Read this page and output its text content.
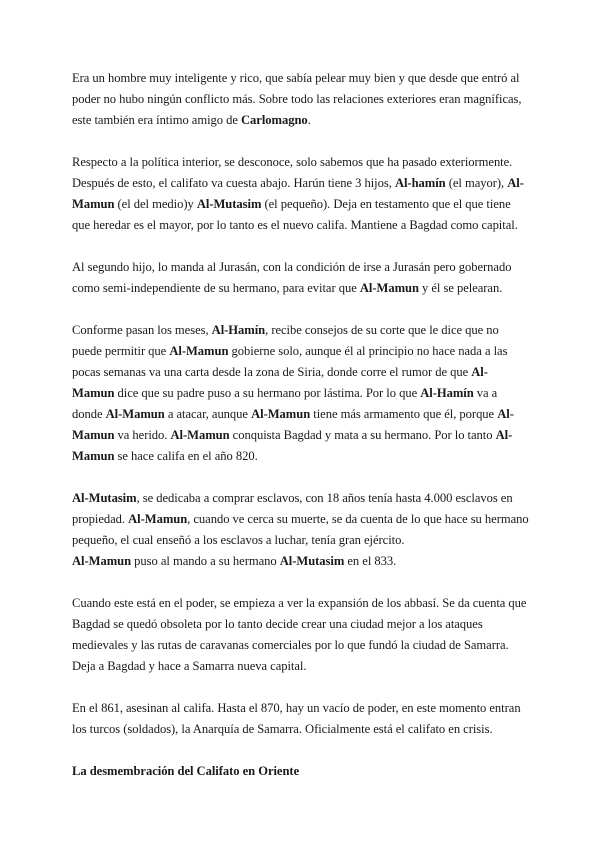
Era un hombre muy inteligente y rico, que sabía pelear muy bien y que desde que entró al poder no hubo ningún conflicto más. Sobre todo las relaciones exteriores eran magníficas, este también era íntimo amigo de Carlomagno.

Respecto a la política interior, se desconoce, solo sabemos que ha pasado exteriormente. Después de esto, el califato va cuesta abajo. Harún tiene 3 hijos, Al-hamín (el mayor), Al-Mamun (el del medio)y Al-Mutasim (el pequeño). Deja en testamento que el que tiene que heredar es el mayor, por lo tanto es el nuevo califa. Mantiene a Bagdad como capital.

Al segundo hijo, lo manda al Jurasán, con la condición de irse a Jurasán pero gobernado como semi-independiente de su hermano, para evitar que Al-Mamun y él se pelearan.

Conforme pasan los meses, Al-Hamín, recibe consejos de su corte que le dice que no puede permitir que Al-Mamun gobierne solo, aunque él al principio no hace nada a las pocas semanas va una carta desde la zona de Siria, donde corre el rumor de que Al-Mamun dice que su padre puso a su hermano por lástima. Por lo que Al-Hamín va a donde Al-Mamun a atacar, aunque Al-Mamun tiene más armamento que él, porque Al-Mamun va herido. Al-Mamun conquista Bagdad y mata a su hermano. Por lo tanto Al-Mamun se hace califa en el año 820.

Al-Mutasim, se dedicaba a comprar esclavos, con 18 años tenía hasta 4.000 esclavos en propiedad. Al-Mamun, cuando ve cerca su muerte, se da cuenta de lo que hace su hermano pequeño, el cual enseñó a los esclavos a luchar, tenía gran ejército.
Al-Mamun puso al mando a su hermano Al-Mutasim en el 833.

Cuando este está en el poder, se empieza a ver la expansión de los abbasí. Se da cuenta que Bagdad se quedó obsoleta por lo tanto decide crear una ciudad mejor a los ataques medievales y las rutas de caravanas comerciales por lo que fundó la ciudad de Samarra. Deja a Bagdad y hace a Samarra nueva capital.

En el 861, asesinan al califa. Hasta el 870, hay un vacío de poder, en este momento entran los turcos (soldados), la Anarquía de Samarra. Oficialmente está el califato en crisis.

La desmembración del Califato en Oriente
